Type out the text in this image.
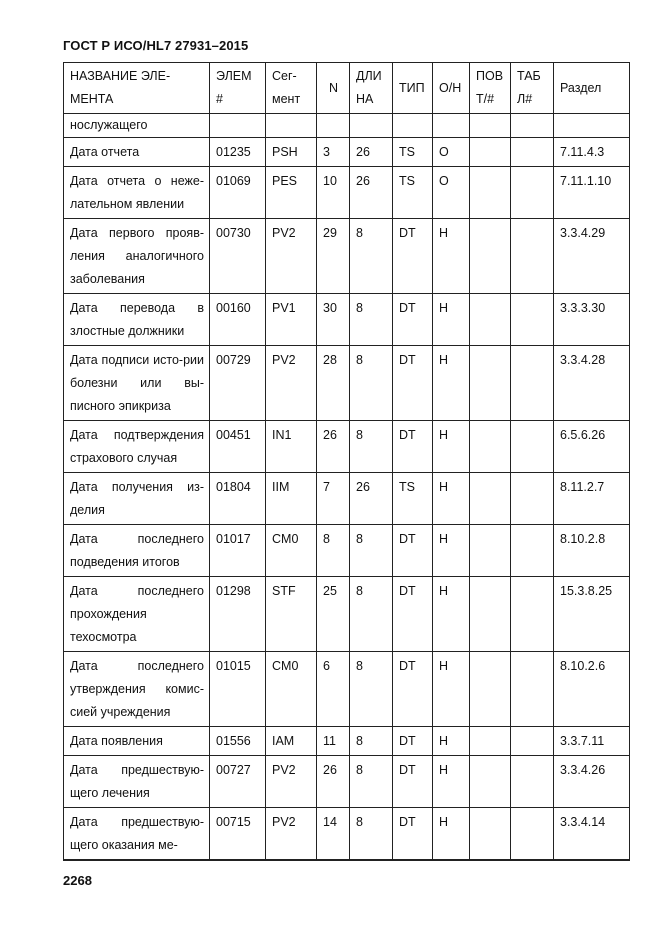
ГОСТ Р ИСО/HL7 27931–2015
НАЗВАНИЕ ЭЛЕ-МЕНТА	ЭЛЕМ #	Сег-мент	N	ДЛИ НА	ТИП	О/Н	ПОВ Т/#	ТАБ Л#	Раздел
нослужащего									
Дата отчета	01235	PSH	3	26	TS	О			7.11.4.3
Дата отчета о неже-лательном явлении	01069	PES	10	26	TS	О			7.11.1.10
Дата первого прояв-ления аналогичного заболевания	00730	PV2	29	8	DT	Н			3.3.4.29
Дата перевода в злостные должники	00160	PV1	30	8	DT	Н			3.3.3.30
Дата подписи исто-рии болезни или вы-писного эпикриза	00729	PV2	28	8	DT	Н			3.3.4.28
Дата подтверждения страхового случая	00451	IN1	26	8	DT	Н			6.5.6.26
Дата получения из-делия	01804	IIM	7	26	TS	Н			8.11.2.7
Дата последнего подведения итогов	01017	CM0	8	8	DT	Н			8.10.2.8
Дата последнего прохождения техосмотра	01298	STF	25	8	DT	Н			15.3.8.25
Дата последнего утверждения комис-сией учреждения	01015	CM0	6	8	DT	Н			8.10.2.6
Дата появления	01556	IAM	11	8	DT	Н			3.3.7.11
Дата предшествую-щего лечения	00727	PV2	26	8	DT	Н			3.3.4.26
Дата предшествую-щего оказания ме-	00715	PV2	14	8	DT	Н			3.3.4.14
2268
